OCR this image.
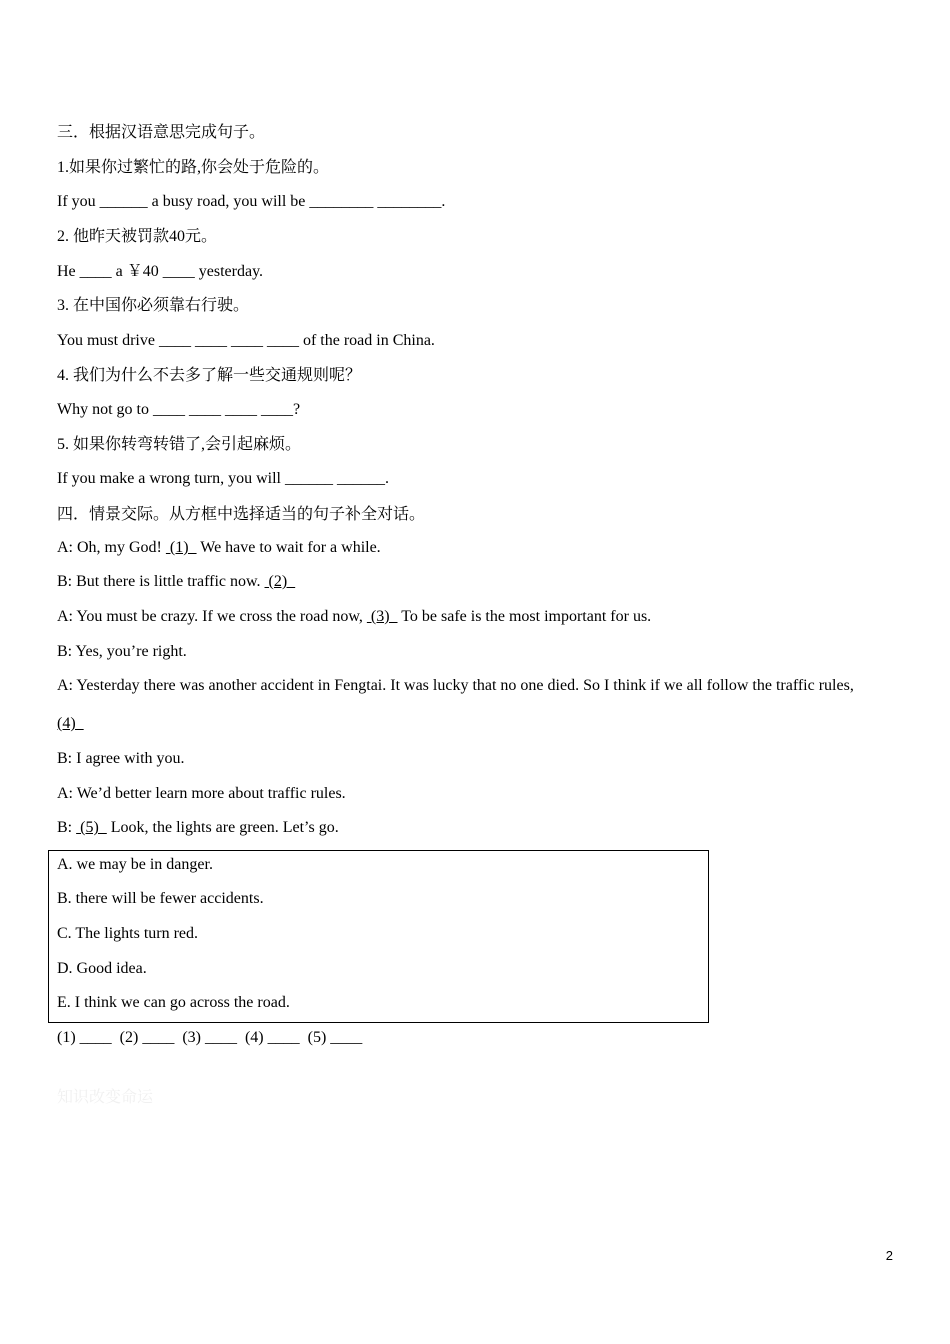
三．根据汉语意思完成句子。
1.如果你过繁忙的路,你会处于危险的。
If you ______ a busy road, you will be ________ ________.
2. 他昨天被罚款40元。
He ____ a ￥40 ____ yesterday.
3. 在中国你必须靠右行驶。
You must drive ____ ____ ____ ____ of the road in China.
4. 我们为什么不去多了解一些交通规则呢？
Why not go to ____ ____ ____ ____?
5. 如果你转弯转错了,会引起麻烦。
If you make a wrong turn, you will ______ ______.
四．情景交际。从方框中选择适当的句子补全对话。
A: Oh, my God!  (1)   We have to wait for a while.
B: But there is little traffic now.  (2)
A: You must be crazy. If we cross the road now,  (3)   To be safe is the most important for us.
B: Yes, you’re right.
A: Yesterday there was another accident in Fengtai. It was lucky that no one died. So I think if we all follow the traffic rules,
(4)
B: I agree with you.
A: We’d better learn more about traffic rules.
B:  (5)   Look, the lights are green. Let’s go.
A. we may be in danger.
B. there will be fewer accidents.
C. The lights turn red.
D. Good idea.
E. I think we can go across the road.
(1) ____  (2) ____  (3) ____  (4) ____  (5) ____
知识改变命运
2
